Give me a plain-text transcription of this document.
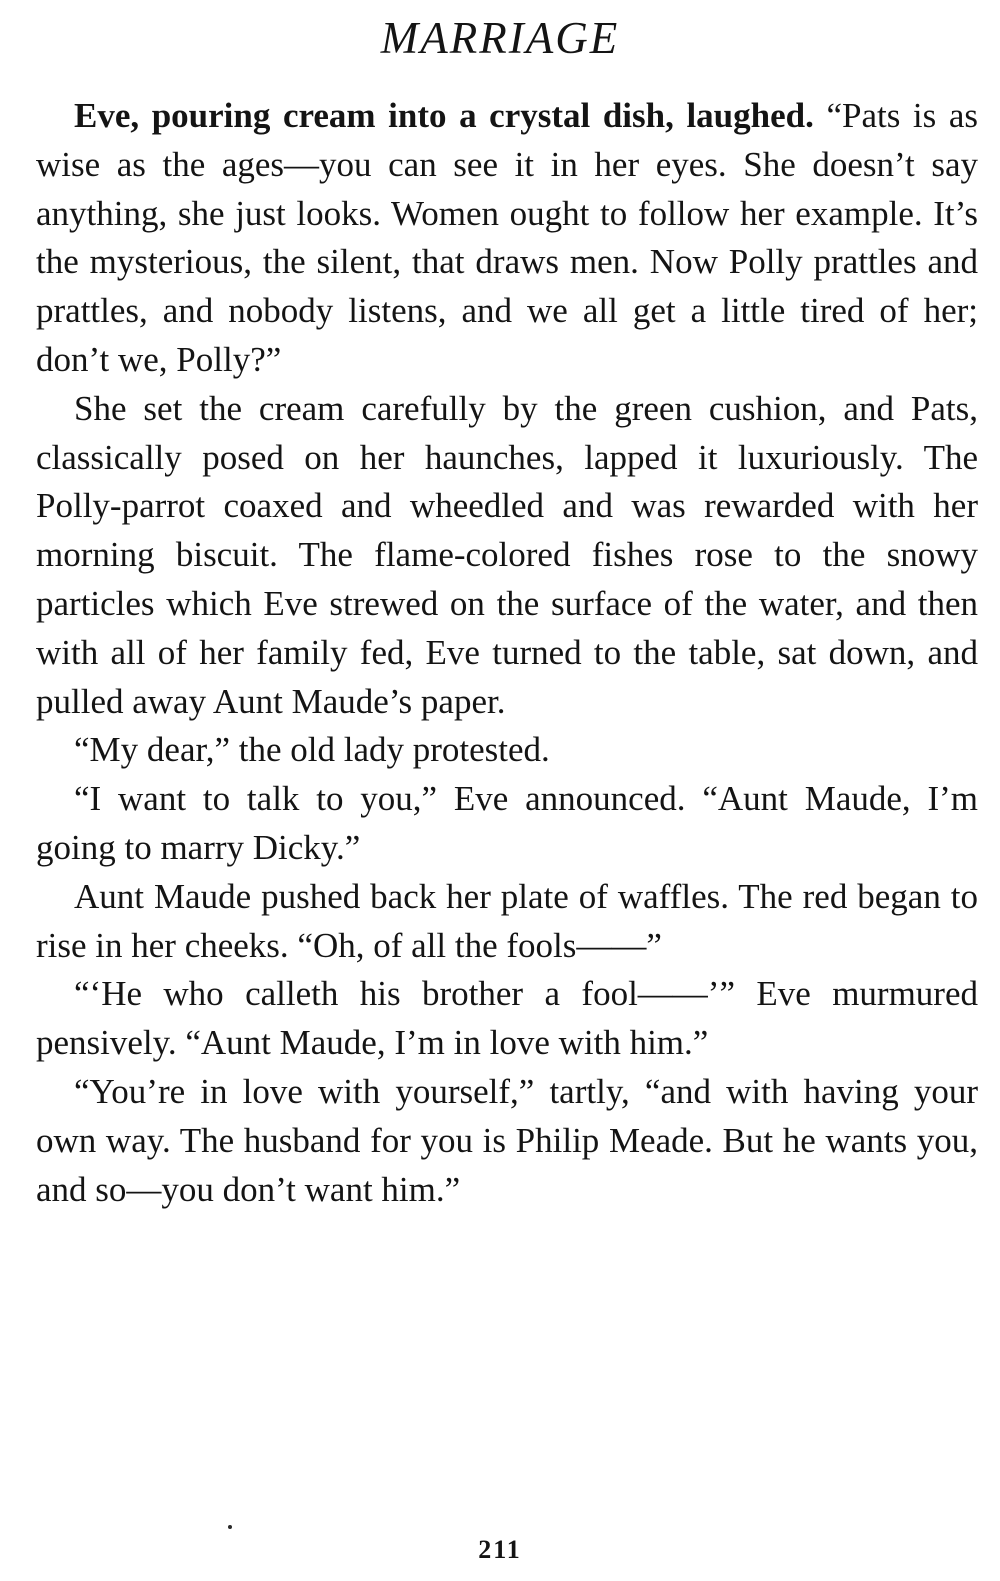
MARRIAGE

Eve, pouring cream into a crystal dish, laughed. “Pats is as wise as the ages—you can see it in her eyes. She doesn’t say anything, she just looks. Women ought to follow her example. It’s the mysterious, the silent, that draws men. Now Polly prattles and prattles, and nobody listens, and we all get a little tired of her; don’t we, Polly?”

She set the cream carefully by the green cushion, and Pats, classically posed on her haunches, lapped it luxuriously. The Polly-parrot coaxed and wheedled and was rewarded with her morning biscuit. The flame-colored fishes rose to the snowy particles which Eve strewed on the surface of the water, and then with all of her family fed, Eve turned to the table, sat down, and pulled away Aunt Maude’s paper.

“My dear,” the old lady protested.

“I want to talk to you,” Eve announced. “Aunt Maude, I’m going to marry Dicky.”

Aunt Maude pushed back her plate of waffles. The red began to rise in her cheeks. “Oh, of all the fools——”

“‘He who calleth his brother a fool——’” Eve murmured pensively. “Aunt Maude, I’m in love with him.”

“You’re in love with yourself,” tartly, “and with having your own way. The husband for you is Philip Meade. But he wants you, and so—you don’t want him.”

211
